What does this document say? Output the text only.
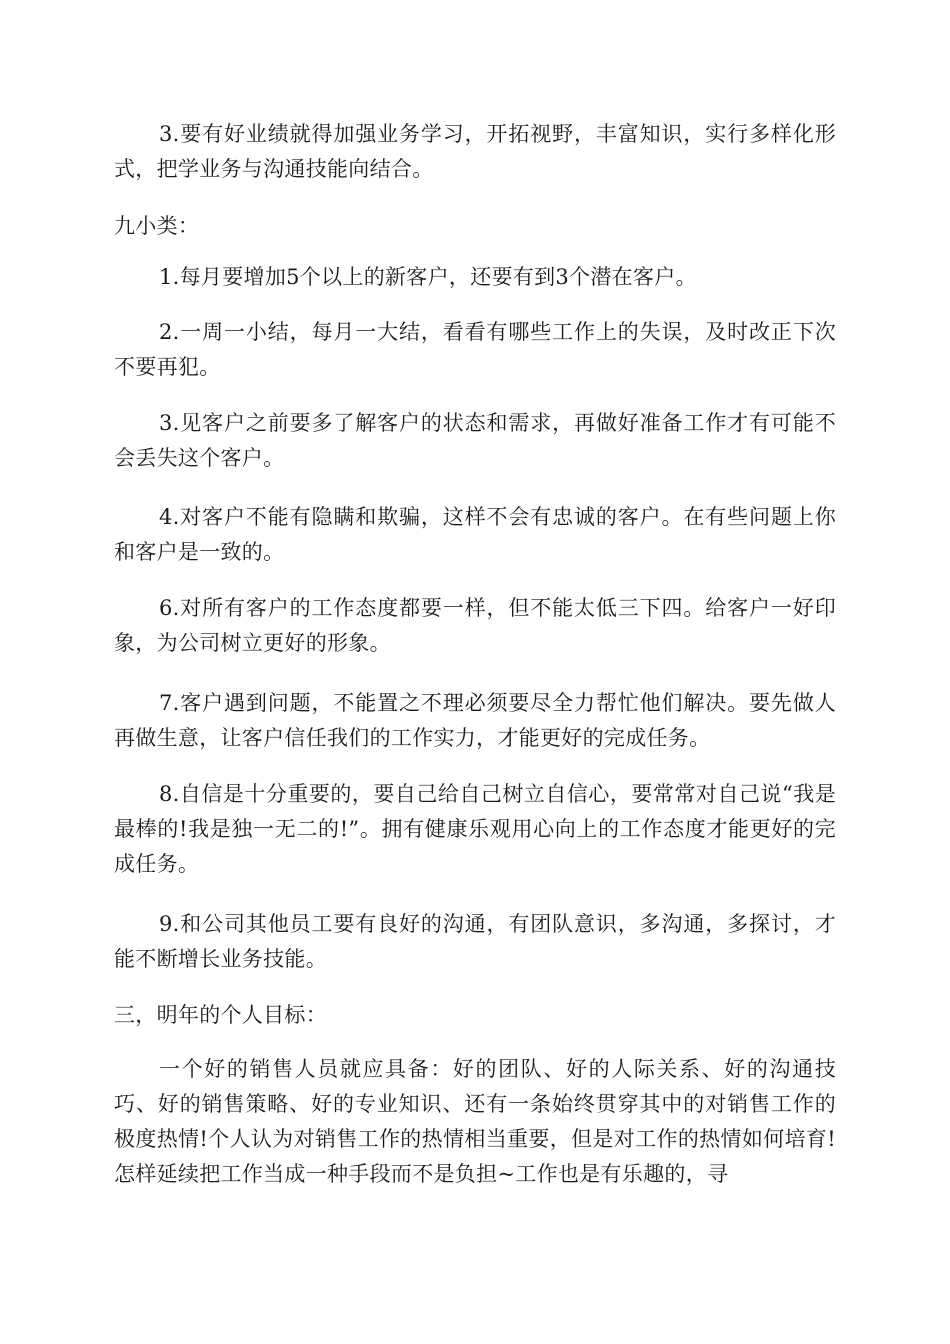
3.要有好业绩就得加强业务学习，开拓视野，丰富知识，实行多样化形式，把学业务与沟通技能向结合。

九小类：

1.每月要增加5个以上的新客户，还要有到3个潜在客户。

2.一周一小结，每月一大结，看看有哪些工作上的失误，及时改正下次不要再犯。

3.见客户之前要多了解客户的状态和需求，再做好准备工作才有可能不会丢失这个客户。

4.对客户不能有隐瞒和欺骗，这样不会有忠诚的客户。在有些问题上你和客户是一致的。

6.对所有客户的工作态度都要一样，但不能太低三下四。给客户一好印象，为公司树立更好的形象。

7.客户遇到问题，不能置之不理必须要尽全力帮忙他们解决。要先做人再做生意，让客户信任我们的工作实力，才能更好的完成任务。

8.自信是十分重要的，要自己给自己树立自信心，要常常对自己说“我是最棒的!我是独一无二的!”。拥有健康乐观用心向上的工作态度才能更好的完成任务。

9.和公司其他员工要有良好的沟通，有团队意识，多沟通，多探讨，才能不断增长业务技能。

三，明年的个人目标：

一个好的销售人员就应具备：好的团队、好的人际关系、好的沟通技巧、好的销售策略、好的专业知识、还有一条始终贯穿其中的对销售工作的极度热情!个人认为对销售工作的热情相当重要，但是对工作的热情如何培育!怎样延续把工作当成一种手段而不是负担~工作也是有乐趣的，寻
